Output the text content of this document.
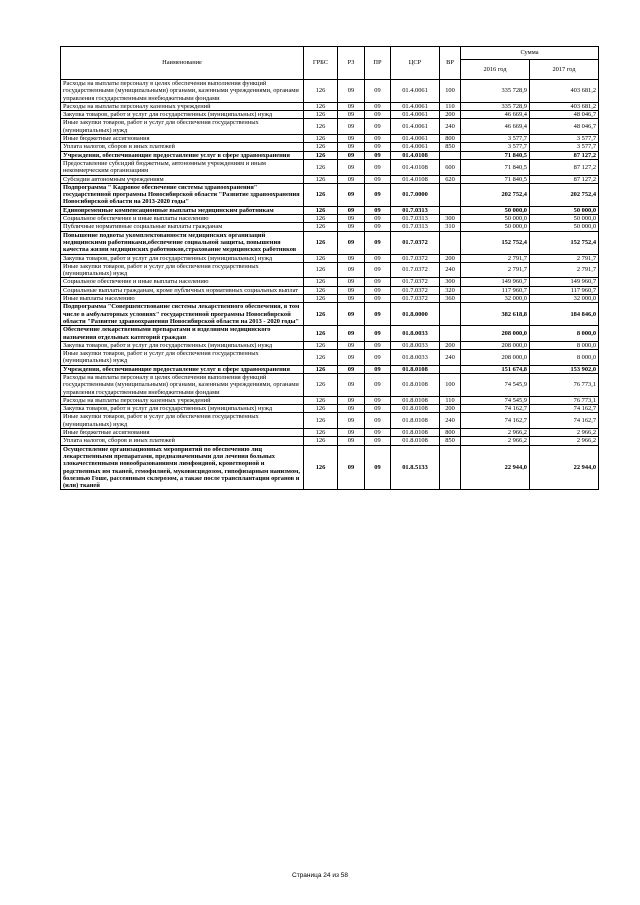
Наименование	ГРБС	РЗ	ПР	ЦСР	ВР	Сумма	
						2016 год	2017 год
Расходы на выплаты персоналу в целях обеспечения выполнения функций государственными (муниципальными) органами, казенными учреждениями, органами управления государственными внебюджетными фондами	126	09	09	01.4.0061	100	335 728,9	403 681,2
Расходы на выплаты персоналу казенных учреждений	126	09	09	01.4.0061	110	335 728,9	403 681,2
Закупка товаров, работ и услуг для государственных (муниципальных) нужд	126	09	09	01.4.0061	200	46 669,4	48 046,7
Иные закупки товаров, работ и услуг для обеспечения государственных (муниципальных) нужд	126	09	09	01.4.0061	240	46 669,4	48 046,7
Иные бюджетные ассигнования	126	09	09	01.4.0061	800	3 577,7	3 577,7
Уплата налогов, сборов и иных платежей	126	09	09	01.4.0061	850	3 577,7	3 577,7
Учреждения, обеспечивающие предоставление услуг в сфере здравоохранения	126	09	09	01.4.0108		71 840,5	87 127,2
Предоставление субсидий бюджетным, автономным учреждениям и иным некоммерческим организациям	126	09	09	01.4.0108	600	71 840,5	87 127,2
Субсидии автономным учреждениям	126	09	09	01.4.0108	620	71 840,5	87 127,2
Подпрограмма " Кадровое обеспечение системы здравоохранения" государственной программы Новосибирской области "Развитие здравоохранения Новосибирской области на 2013-2020 годы"	126	09	09	01.7.0000		202 752,4	202 752,4
Единовременные компенсационные выплаты медицинским работникам	126	09	09	01.7.0313		50 000,0	50 000,0
Социальное обеспечение и иные выплаты населению	126	09	09	01.7.0313	300	50 000,0	50 000,0
Публичные нормативные социальные выплаты гражданам	126	09	09	01.7.0313	310	50 000,0	50 000,0
Повышение подвоты укомплектованности медицинских организаций медицинскими работниками,обеспечение социальной защиты, повышения качества жизни медицинских работников,страхование медицинских работников	126	09	09	01.7.0372		152 752,4	152 752,4
Закупка товаров, работ и услуг для государственных (муниципальных) нужд	126	09	09	01.7.0372	200	2 791,7	2 791,7
Иные закупки товаров, работ и услуг для обеспечения государственных (муниципальных) нужд	126	09	09	01.7.0372	240	2 791,7	2 791,7
Социальное обеспечение и иные выплаты населению	126	09	09	01.7.0372	300	149 960,7	149 960,7
Социальные выплаты гражданам, кроме публичных нормативных социальных выплат	126	09	09	01.7.0372	320	117 960,7	117 960,7
Иные выплаты населению	126	09	09	01.7.0372	360	32 000,0	32 000,0
Подпрограмма "Совершенствование системы лекарственного обеспечения, в том числе в амбулаторных условиях" государственной программы Новосибирской области "Развитие здравоохранения Новосибирской области на 2013 - 2020 годы"	126	09	09	01.8.0000		382 618,8	184 846,0
Обеспечение лекарственными препаратами и изделиями медицинского назначения отдельных категорий граждан	126	09	09	01.8.0033		208 000,0	8 000,0
Закупка товаров, работ и услуг для государственных (муниципальных) нужд	126	09	09	01.8.0033	200	208 000,0	8 000,0
Иные закупки товаров, работ и услуг для обеспечения государственных (муниципальных) нужд	126	09	09	01.8.0033	240	208 000,0	8 000,0
Учреждения, обеспечивающие предоставление услуг в сфере здравоохранения	126	09	09	01.8.0108		151 674,8	153 902,0
Расходы на выплаты персоналу в целях обеспечения выполнения функций государственными (муниципальными) органами, казенными учреждениями, органами управления государственными внебюджетными фондами	126	09	09	01.8.0108	100	74 545,9	76 773,1
Расходы на выплаты персоналу казенных учреждений	126	09	09	01.8.0108	110	74 545,9	76 773,1
Закупка товаров, работ и услуг для государственных (муниципальных) нужд	126	09	09	01.8.0108	200	74 162,7	74 162,7
Иные закупки товаров, работ и услуг для обеспечения государственных (муниципальных) нужд	126	09	09	01.8.0108	240	74 162,7	74 162,7
Иные бюджетные ассигнования	126	09	09	01.8.0108	800	2 966,2	2 966,2
Уплата налогов, сборов и иных платежей	126	09	09	01.8.0108	850	2 966,2	2 966,2
Осуществление организационных мероприятий по обеспечению лиц лекарственными препаратами, предназначенными для лечения больных злокачественными новообразованиями лимфоидной, кроветворной и родственных им тканей, гемофилией, муковисцидозом, гипофизарным нанизмом, болезнью Гоше, рассеянным склерозом, а также после трансплантации органов и (или) тканей	126	09	09	01.8.5133		22 944,0	22 944,0
Страница 24 из 58
